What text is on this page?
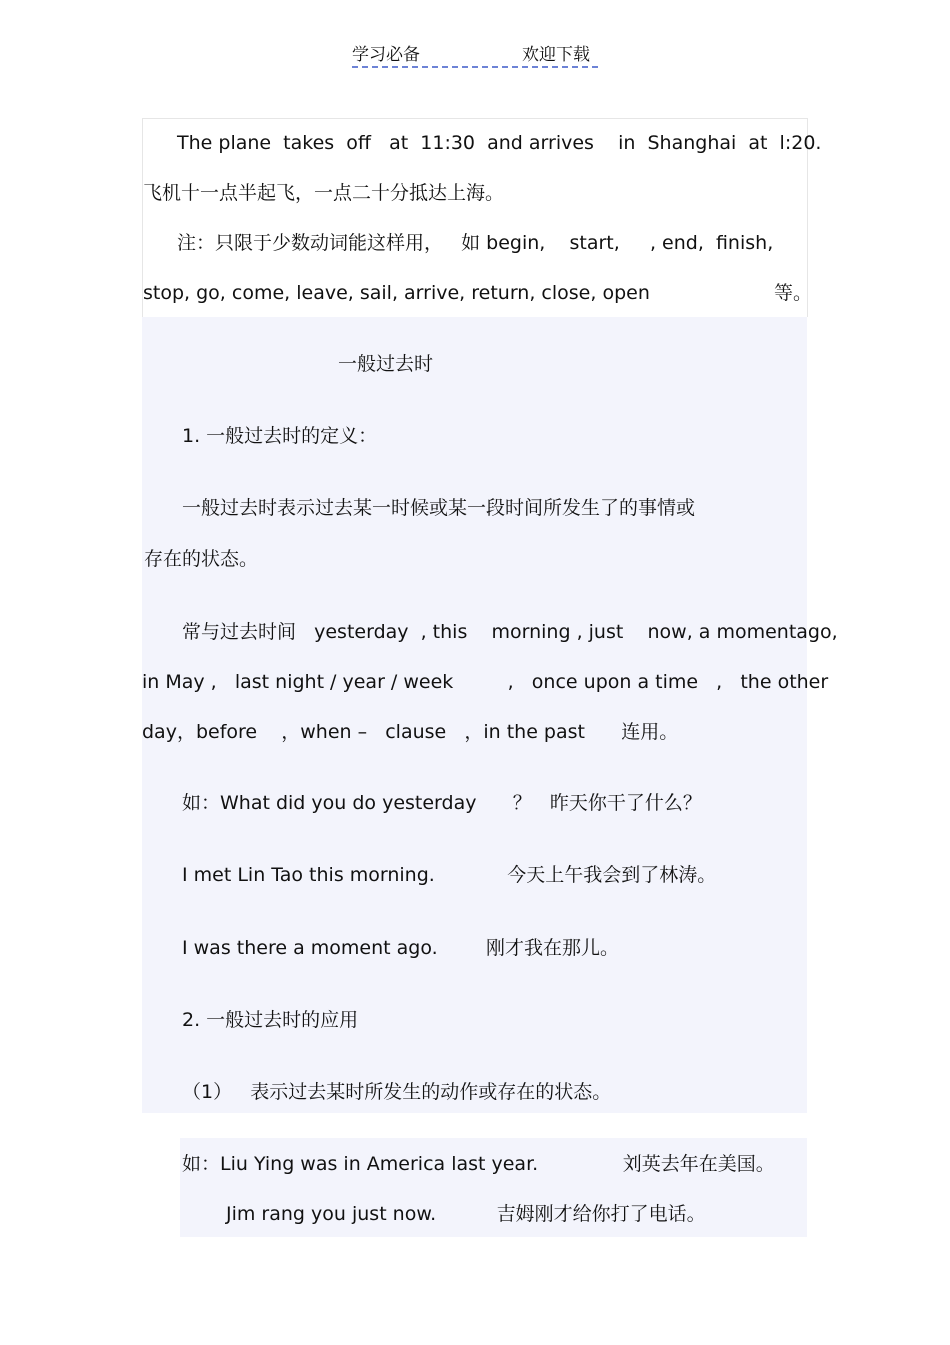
学习必备	欢迎下载
The plane  takes  off   at  11:30  and arrives    in  Shanghai  at  l:20.
飞机十一点半起飞，一点二十分抵达上海。
注：只限于少数动词能这样用，   如 begin,    start,     , end,  finish,
stop, go, come, leave, sail, arrive, return, close, open	等。
一般过去时
1. 一般过去时的定义：
一般过去时表示过去某一时候或某一段时间所发生了的事情或
存在的状态。
常与过去时间   yesterday  , this    morning , just    now, a momentago,
in May ,   last night / year / week         ,   once upon a time   ,   the other
day，before    ，when –   clause   ，in the past      连用。
如：What did you do yesterday      ？   昨天你干了什么？
I met Lin Tao this morning.            今天上午我会到了林涛。
I was there a moment ago.        刚才我在那儿。
2. 一般过去时的应用
（1）   表示过去某时所发生的动作或存在的状态。
如：Liu Ying was in America last year.              刘英去年在美国。
Jim rang you just now.          吉姆刚才给你打了电话。
